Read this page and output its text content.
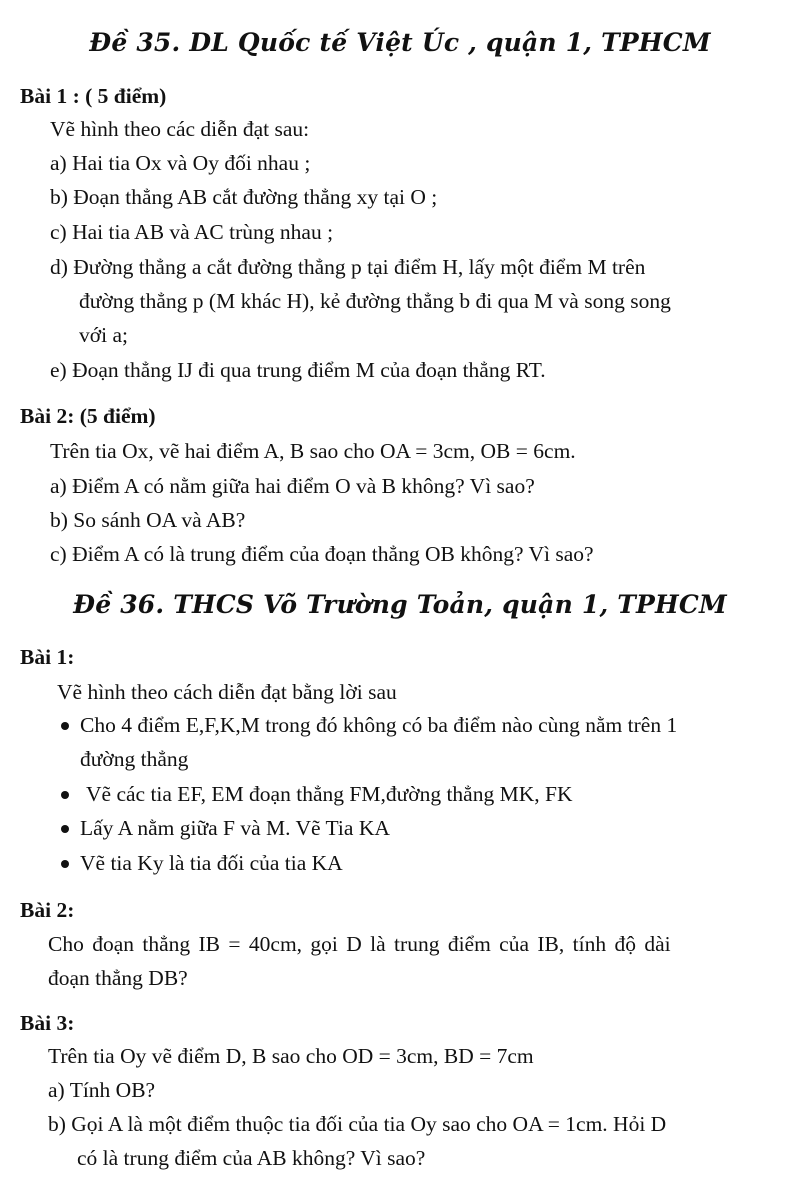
Đề 35. DL Quốc tế Việt Úc , quận 1, TPHCM
Bài 1 : ( 5 điểm)
Vẽ hình theo các diễn đạt sau:
a) Hai tia Ox và Oy đối nhau ;
b) Đoạn thẳng AB cắt đường thẳng xy tại O ;
c) Hai tia AB và AC trùng nhau ;
d) Đường thẳng a cắt đường thẳng p tại điểm H, lấy một điểm M trên
đường thẳng p (M khác H), kẻ đường thẳng b đi qua M và song song
với a;
e) Đoạn thẳng IJ đi qua trung điểm M của đoạn thẳng RT.
Bài 2: (5 điểm)
Trên tia Ox, vẽ hai điểm A, B sao cho OA = 3cm, OB = 6cm.
a) Điểm A có nằm giữa hai điểm O và B không? Vì sao?
b) So sánh OA và AB?
c) Điểm A có là trung điểm của đoạn thẳng OB không? Vì sao?
Đề 36. THCS Võ Trường Toản, quận 1, TPHCM
Bài 1:
Vẽ hình theo cách diễn đạt bằng lời sau
Cho 4 điểm E,F,K,M trong đó không có ba điểm nào cùng nằm trên 1
đường thẳng
Vẽ các tia EF, EM đoạn thẳng FM,đường thẳng MK, FK
Lấy A nằm giữa F và M. Vẽ Tia KA
Vẽ tia Ky là tia đối của tia KA
Bài 2:
Cho đoạn thẳng IB = 40cm, gọi D là trung điểm của IB, tính độ dài
đoạn thẳng DB?
Bài 3:
Trên tia Oy vẽ điểm D, B sao cho OD = 3cm, BD = 7cm
a) Tính OB?
b) Gọi A là một điểm thuộc tia đối của tia Oy sao cho OA = 1cm. Hỏi D
có là trung điểm của AB không? Vì sao?
